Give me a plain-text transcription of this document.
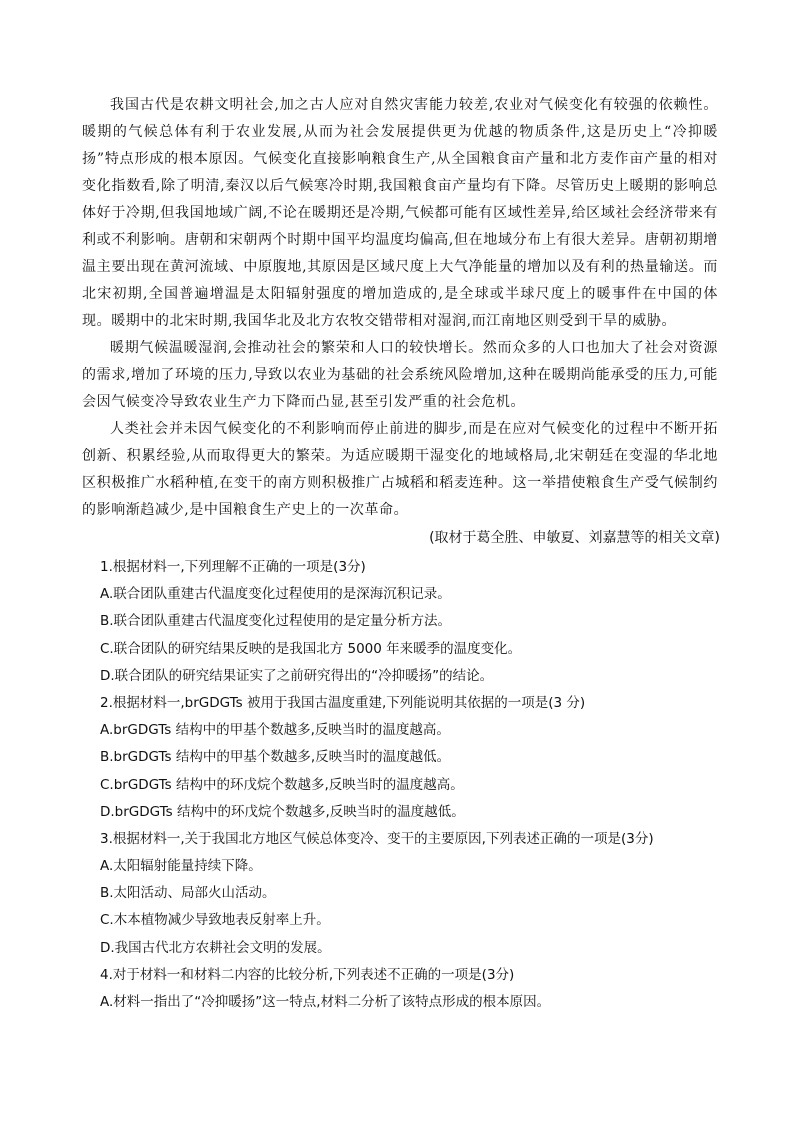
我国古代是农耕文明社会,加之古人应对自然灾害能力较差,农业对气候变化有较强的依赖性。暖期的气候总体有利于农业发展,从而为社会发展提供更为优越的物质条件,这是历史上“冷抑暖扬”特点形成的根本原因。气候变化直接影响粮食生产,从全国粮食亩产量和北方麦作亩产量的相对变化指数看,除了明清,秦汉以后气候寒冷时期,我国粮食亩产量均有下降。尽管历史上暖期的影响总体好于冷期,但我国地域广阔,不论在暖期还是冷期,气候都可能有区域性差异,给区域社会经济带来有利或不利影响。唐朝和宋朝两个时期中国平均温度均偏高,但在地域分布上有很大差异。唐朝初期增温主要出现在黄河流域、中原腹地,其原因是区域尺度上大气净能量的增加以及有利的热量输送。而北宋初期,全国普遍增温是太阳辐射强度的增加造成的,是全球或半球尺度上的暖事件在中国的体现。暖期中的北宋时期,我国华北及北方农牧交错带相对湿润,而江南地区则受到干旱的威胁。

暖期气候温暖湿润,会推动社会的繁荣和人口的较快增长。然而众多的人口也加大了社会对资源的需求,增加了环境的压力,导致以农业为基础的社会系统风险增加,这种在暖期尚能承受的压力,可能会因气候变冷导致农业生产力下降而凸显,甚至引发严重的社会危机。

人类社会并未因气候变化的不利影响而停止前进的脚步,而是在应对气候变化的过程中不断开拓创新、积累经验,从而取得更大的繁荣。为适应暖期干湿变化的地域格局,北宋朝廷在变湿的华北地区积极推广水稻种植,在变干的南方则积极推广占城稻和稻麦连种。这一举措使粮食生产受气候制约的影响渐趋减少,是中国粮食生产史上的一次革命。

(取材于葛全胜、申敏夏、刘嘉慧等的相关文章)
1.根据材料一,下列理解不正确的一项是(3分)
A.联合团队重建古代温度变化过程使用的是深海沉积记录。
B.联合团队重建古代温度变化过程使用的是定量分析方法。
C.联合团队的研究结果反映的是我国北方 5000 年来暖季的温度变化。
D.联合团队的研究结果证实了之前研究得出的“冷抑暖扬”的结论。
2.根据材料一,brGDGTs 被用于我国古温度重建,下列能说明其依据的一项是(3 分)
A.brGDGTs 结构中的甲基个数越多,反映当时的温度越高。
B.brGDGTs 结构中的甲基个数越多,反映当时的温度越低。
C.brGDGTs 结构中的环戊烷个数越多,反映当时的温度越高。
D.brGDGTs 结构中的环戊烷个数越多,反映当时的温度越低。
3.根据材料一,关于我国北方地区气候总体变冷、变干的主要原因,下列表述正确的一项是(3分)
A.太阳辐射能量持续下降。
B.太阳活动、局部火山活动。
C.木本植物减少导致地表反射率上升。
D.我国古代北方农耕社会文明的发展。
4.对于材料一和材料二内容的比较分析,下列表述不正确的一项是(3分)
A.材料一指出了“冷抑暖扬”这一特点,材料二分析了该特点形成的根本原因。
